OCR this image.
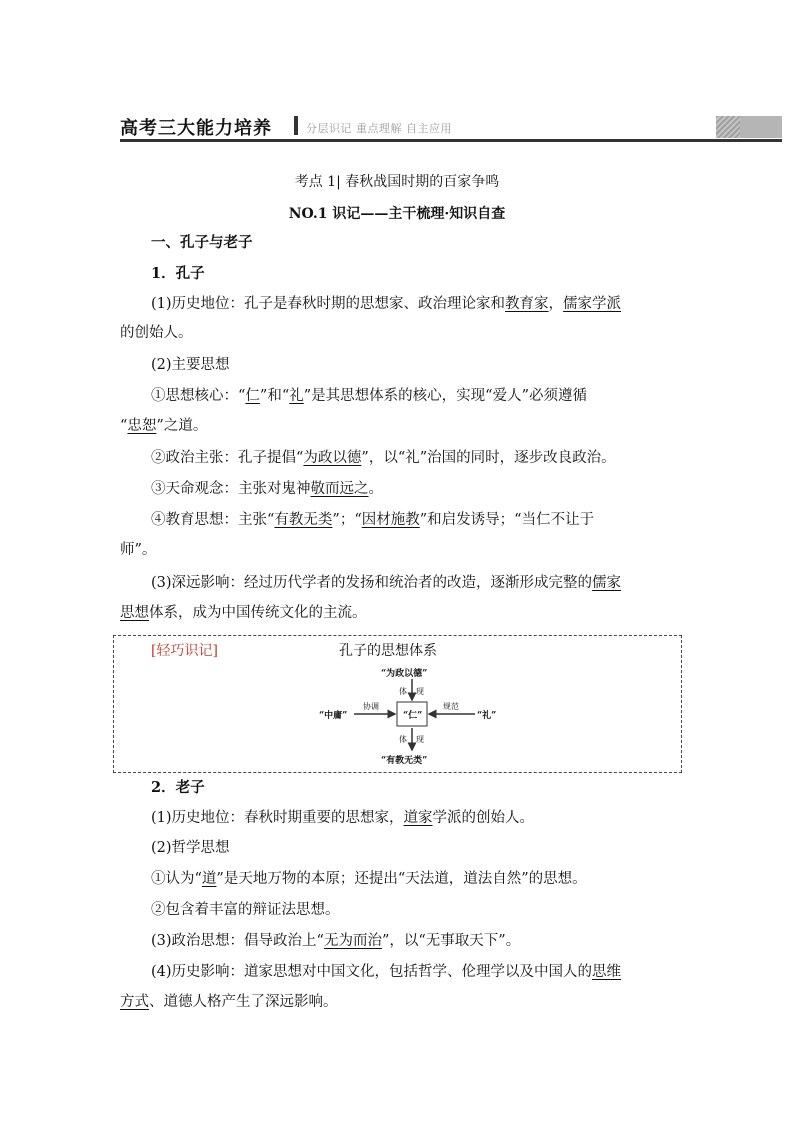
高考三大能力培养	分层识记 重点理解 自主应用
考点 1| 春秋战国时期的百家争鸣
NO.1 识记——主干梳理·知识自查
一、孔子与老子
1．孔子
(1)历史地位：孔子是春秋时期的思想家、政治理论家和教育家，儒家学派
的创始人。
(2)主要思想
①思想核心：“仁”和“礼”是其思想体系的核心，实现“爱人”必须遵循
“忠恕”之道。
②政治主张：孔子提倡“为政以德”，以“礼”治国的同时，逐步改良政治。
③天命观念：主张对鬼神敬而远之。
④教育思想：主张“有教无类”；“因材施教”和启发诱导；“当仁不让于
师”。
(3)深远影响：经过历代学者的发扬和统治者的改造，逐渐形成完整的儒家
思想体系，成为中国传统文化的主流。
[轻巧识记]	孔子的思想体系
“为政以德”
“仁”
“有教无类”
“中庸”	“礼”
协调	规范
体 现
体 现
2．老子
(1)历史地位：春秋时期重要的思想家，道家学派的创始人。
(2)哲学思想
①认为“道”是天地万物的本原；还提出“天法道，道法自然”的思想。
②包含着丰富的辩证法思想。
(3)政治思想：倡导政治上“无为而治”，以“无事取天下”。
(4)历史影响：道家思想对中国文化，包括哲学、伦理学以及中国人的思维
方式、道德人格产生了深远影响。
